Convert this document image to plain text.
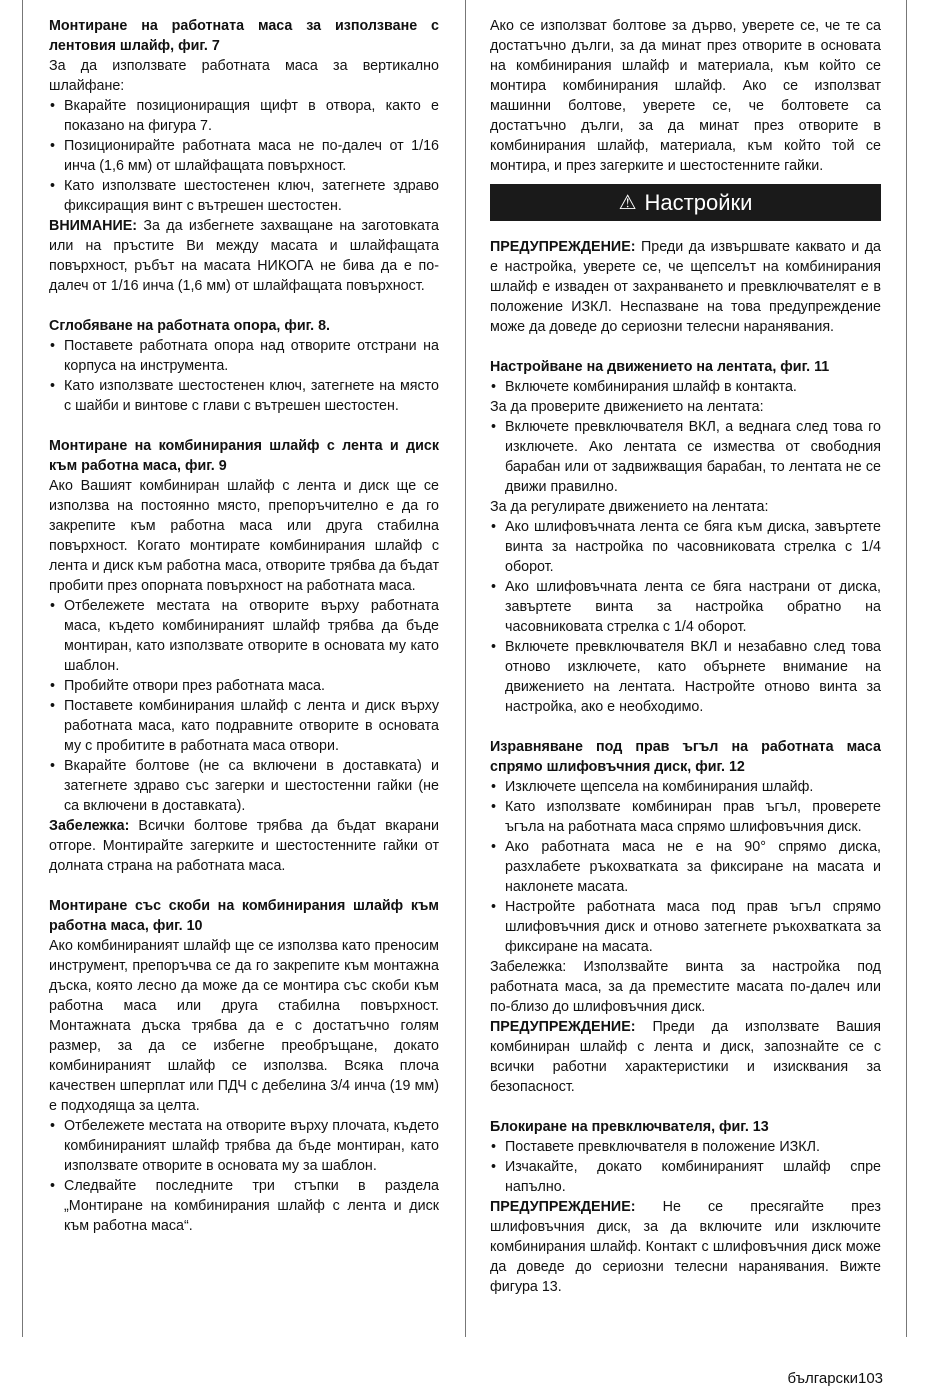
Монтиране на работната маса за използване с лентовия шлайф, фиг. 7

За да използвате работната маса за вертикално шлайфане:

• Вкарайте позициониращия щифт в отвора, както е показано на фигура 7.
• Позиционирайте работната маса не по-далеч от 1/16 инча (1,6 мм) от шлайфащата повърхност.
• Като използвате шестостенен ключ, затегнете здраво фиксиращия винт с вътрешен шестостен.

ВНИМАНИЕ: За да избегнете захващане на заготовката или на пръстите Ви между масата и шлайфащата повърхност, ръбът на масата НИКОГА не бива да е по-далеч от 1/16 инча (1,6 мм) от шлайфащата повърхност.

Сглобяване на работната опора, фиг. 8.
• Поставете работната опора над отворите отстрани на корпуса на инструмента.
• Като използвате шестостенен ключ, затегнете на място с шайби и винтове с глави с вътрешен шестостен.
Монтиране на комбинирания шлайф с лента и диск към работна маса, фиг. 9

Ако Вашият комбиниран шлайф с лента и диск ще се използва на постоянно място, препоръчително е да го закрепите към работна маса или друга стабилна повърхност. Когато монтирате комбинирания шлайф с лента и диск към работна маса, отворите трябва да бъдат пробити през опорната повърхност на работната маса.

• Отбележете местата на отворите върху работната маса, където комбинираният шлайф трябва да бъде монтиран, като използвате отворите в основата му като шаблон.
• Пробийте отвори през работната маса.
• Поставете комбинирания шлайф с лента и диск върху работната маса, като подравните отворите в основата му с пробитите в работната маса отвори.
• Вкарайте болтове (не са включени в доставката) и затегнете здраво със загерки и шестостенни гайки (не са включени в доставката).

Забележка: Всички болтове трябва да бъдат вкарани отгоре. Монтирайте загерките и шестостенните гайки от долната страна на работната маса.

Монтиране със скоби на комбинирания шлайф към работна маса, фиг. 10

Ако комбинираният шлайф ще се използва като преносим инструмент, препоръчва се да го закрепите към монтажна дъска, която лесно да може да се монтира със скоби към работна маса или друга стабилна повърхност. Монтажната дъска трябва да е с достатъчно голям размер, за да се избегне преобръщане, докато комбинираният шлайф се използва. Всяка плоча качествен шперплат или ПДЧ с дебелина 3/4 инча (19 мм) е подходяща за целта.

• Отбележете местата на отворите върху плочата, където комбинираният шлайф трябва да бъде монтиран, като използвате отворите в основата му за шаблон.
• Следвайте последните три стъпки в раздела „Монтиране на комбинирания шлайф с лента и диск към работна маса“.

Ако се използват болтове за дърво, уверете се, че те са достатъчно дълги, за да минат през отворите в основата на комбинирания шлайф и материала, към който се монтира комбинирания шлайф. Ако се използват машинни болтове, уверете се, че болтовете са достатъчно дълги, за да минат през отворите в комбинирания шлайф, материала, към който той се монтира, и през загерките и шестостенните гайки.

⚠ Настройки

ПРЕДУПРЕЖДЕНИЕ: Преди да извършвате каквато и да е настройка, уверете се, че щепселът на комбинирания шлайф е изваден от захранването и превключвателят е в положение ИЗКЛ. Неспазване на това предупреждение може да доведе до сериозни телесни наранявания.

Настройване на движението на лентата, фиг. 11
• Включете комбинирания шлайф в контакта.

За да проверите движението на лентата:

• Включете превключвателя ВКЛ, а веднага след това го изключете. Ако лентата се измества от свободния барабан или от задвижващия барабан, то лентата не се движи правилно.

За да регулирате движението на лентата:

• Ако шлифовъчната лента се бяга към диска, завъртете винта за настройка по часовниковата стрелка с 1/4 оборот.
• Ако шлифовъчната лента се бяга настрани от диска, завъртете винта за настройка обратно на часовниковата стрелка с 1/4 оборот.
• Включете превключвателя ВКЛ и незабавно след това отново изключете, като обърнете внимание на движението на лентата. Настройте отново винта за настройка, ако е необходимо.
Изравняване под прав ъгъл на работната маса спрямо шлифовъчния диск, фиг. 12
• Изключете щепсела на комбинирания шлайф.
• Като използвате комбиниран прав ъгъл, проверете ъгъла на работната маса спрямо шлифовъчния диск.
• Ако работната маса не е на 90° спрямо диска, разхлабете ръкохватката за фиксиране на масата и наклонете масата.
• Настройте работната маса под прав ъгъл спрямо шлифовъчния диск и отново затегнете ръкохватката за фиксиране на масата.

Забележка: Използвайте винта за настройка под работната маса, за да преместите масата по-далеч или по-близо до шлифовъчния диск.

ПРЕДУПРЕЖДЕНИЕ: Преди да използвате Вашия комбиниран шлайф с лента и диск, запознайте се с всички работни характеристики и изисквания за безопасност.

Блокиране на превключвателя, фиг. 13
• Поставете превключвателя в положение ИЗКЛ.
• Изчакайте, докато комбинираният шлайф спре напълно.

ПРЕДУПРЕЖДЕНИЕ: Не се пресягайте през шлифовъчния диск, за да включите или изключите комбинирания шлайф. Контакт с шлифовъчния диск може да доведе до сериозни телесни наранявания. Вижте фигура 13.

български103
